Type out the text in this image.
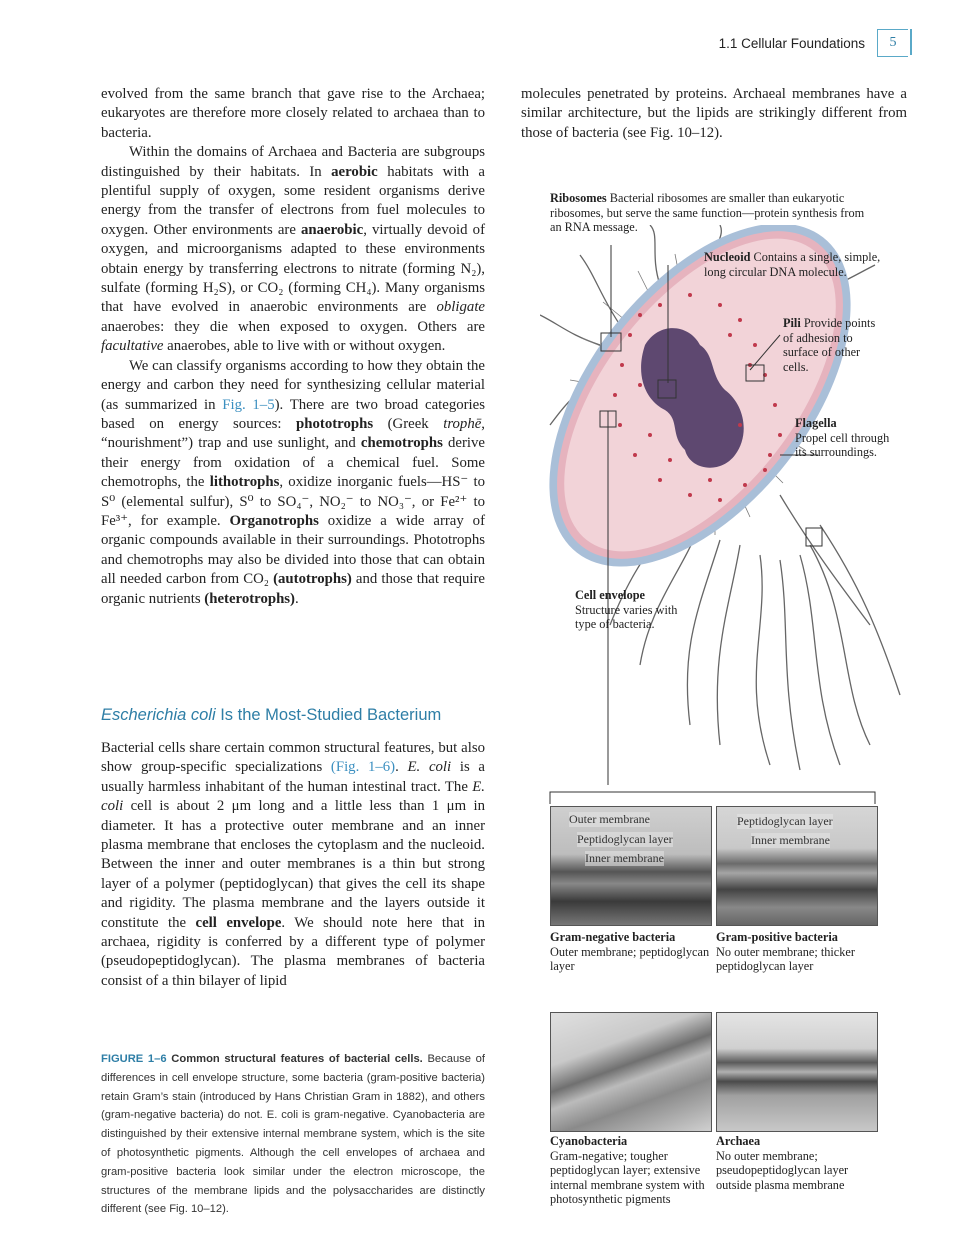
1.1 Cellular Foundations	5

evolved from the same branch that gave rise to the Archaea; eukaryotes are therefore more closely related to archaea than to bacteria.

Within the domains of Archaea and Bacteria are subgroups distinguished by their habitats. In aerobic habitats with a plentiful supply of oxygen, some resident organisms derive energy from the transfer of electrons from fuel molecules to oxygen. Other environments are anaerobic, virtually devoid of oxygen, and microorganisms adapted to these environments obtain energy by transferring electrons to nitrate (forming N₂), sulfate (forming H₂S), or CO₂ (forming CH₄). Many organisms that have evolved in anaerobic environments are obligate anaerobes: they die when exposed to oxygen. Others are facultative anaerobes, able to live with or without oxygen.

We can classify organisms according to how they obtain the energy and carbon they need for synthesizing cellular material (as summarized in Fig. 1–5). There are two broad categories based on energy sources: phototrophs (Greek trophē, “nourishment”) trap and use sunlight, and chemotrophs derive their energy from oxidation of a chemical fuel. Some chemotrophs, the lithotrophs, oxidize inorganic fuels—HS⁻ to S⁰ (elemental sulfur), S⁰ to SO₄⁻, NO₂⁻ to NO₃⁻, or Fe²⁺ to Fe³⁺, for example. Organotrophs oxidize a wide array of organic compounds available in their surroundings. Phototrophs and chemotrophs may also be divided into those that can obtain all needed carbon from CO₂ (autotrophs) and those that require organic nutrients (heterotrophs).

Escherichia coli Is the Most-Studied Bacterium

Bacterial cells share certain common structural features, but also show group-specific specializations (Fig. 1–6). E. coli is a usually harmless inhabitant of the human intestinal tract. The E. coli cell is about 2 μm long and a little less than 1 μm in diameter. It has a protective outer membrane and an inner plasma membrane that encloses the cytoplasm and the nucleoid. Between the inner and outer membranes is a thin but strong layer of a polymer (peptidoglycan) that gives the cell its shape and rigidity. The plasma membrane and the layers outside it constitute the cell envelope. We should note here that in archaea, rigidity is conferred by a different type of polymer (pseudopeptidoglycan). The plasma membranes of bacteria consist of a thin bilayer of lipid

molecules penetrated by proteins. Archaeal membranes have a similar architecture, but the lipids are strikingly different from those of bacteria (see Fig. 10–12).

Ribosomes Bacterial ribosomes are smaller than eukaryotic ribosomes, but serve the same function—protein synthesis from an RNA message.
Nucleoid Contains a single, simple, long circular DNA molecule.
Pili Provide points of adhesion to surface of other cells.
Flagella
Propel cell through its surroundings.
Cell envelope
Structure varies with type of bacteria.
Outer membrane
Peptidoglycan layer
Inner membrane
Peptidoglycan layer
Inner membrane
Gram-negative bacteria
Outer membrane; peptidoglycan layer
Gram-positive bacteria
No outer membrane; thicker peptidoglycan layer
Cyanobacteria
Gram-negative; tougher peptidoglycan layer; extensive internal membrane system with photosynthetic pigments
Archaea
No outer membrane; pseudopeptidoglycan layer outside plasma membrane
FIGURE 1–6 Common structural features of bacterial cells. Because of differences in cell envelope structure, some bacteria (gram-positive bacteria) retain Gram’s stain (introduced by Hans Christian Gram in 1882), and others (gram-negative bacteria) do not. E. coli is gram-negative. Cyanobacteria are distinguished by their extensive internal membrane system, which is the site of photosynthetic pigments. Although the cell envelopes of archaea and gram-positive bacteria look similar under the electron microscope, the structures of the membrane lipids and the polysaccharides are distinctly different (see Fig. 10–12).
